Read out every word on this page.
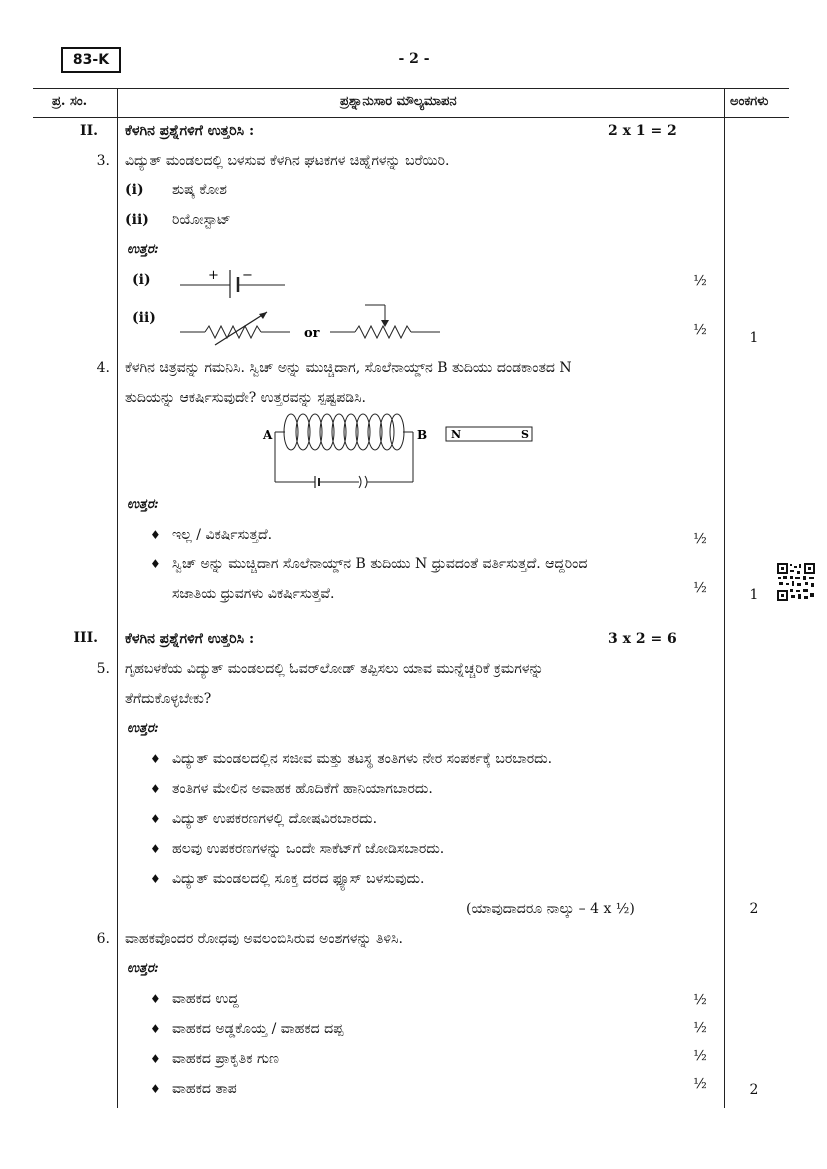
83-K	- 2 -
ಪ್ರ. ಸಂ.	ಪ್ರಶ್ನಾನುಸಾರ ಮೌಲ್ಯಮಾಪನ	ಅಂಕಗಳು
II. ಕೆಳಗಿನ ಪ್ರಶ್ನೆಗಳಿಗೆ ಉತ್ತರಿಸಿ :	2 x 1 = 2
3. ವಿದ್ಯುತ್ ಮಂಡಲದಲ್ಲಿ ಬಳಸುವ ಕೆಳಗಿನ ಘಟಕಗಳ ಚಿಹ್ನೆಗಳನ್ನು ಬರೆಯಿರಿ.
(i) ಶುಷ್ಕ ಕೋಶ
(ii) ರಿಯೋಸ್ಟಾಟ್
ಉತ್ತರ:
(i)	+ −	½
(ii)
or	½	1
4. ಕೆಳಗಿನ ಚಿತ್ರವನ್ನು ಗಮನಿಸಿ. ಸ್ವಿಚ್ ಅನ್ನು ಮುಚ್ಚಿದಾಗ, ಸೊಲೆನಾಯ್ಡ್‌ನ B ತುದಿಯು ದಂಡಕಾಂತದ N
ತುದಿಯನ್ನು ಆಕರ್ಷಿಸುವುದೇ? ಉತ್ತರವನ್ನು ಸ್ಪಷ್ಟಪಡಿಸಿ.
A	B N	S
ಉತ್ತರ:
♦ ಇಲ್ಲ / ವಿಕರ್ಷಿಸುತ್ತದೆ.	½
♦ ಸ್ವಿಚ್ ಅನ್ನು ಮುಚ್ಚಿದಾಗ ಸೊಲೆನಾಯ್ಡ್‌ನ B ತುದಿಯು N ಧ್ರುವದಂತೆ ವರ್ತಿಸುತ್ತದೆ. ಆದ್ದರಿಂದ
ಸಜಾತಿಯ ಧ್ರುವಗಳು ವಿಕರ್ಷಿಸುತ್ತವೆ.	½	1
III. ಕೆಳಗಿನ ಪ್ರಶ್ನೆಗಳಿಗೆ ಉತ್ತರಿಸಿ :	3 x 2 = 6
5. ಗೃಹಬಳಕೆಯ ವಿದ್ಯುತ್ ಮಂಡಲದಲ್ಲಿ ಓವರ್‌ಲೋಡ್ ತಪ್ಪಿಸಲು ಯಾವ ಮುನ್ನೆಚ್ಚರಿಕೆ ಕ್ರಮಗಳನ್ನು
ತೆಗೆದುಕೊಳ್ಳಬೇಕು?
ಉತ್ತರ:
♦ ವಿದ್ಯುತ್ ಮಂಡಲದಲ್ಲಿನ ಸಜೀವ ಮತ್ತು ತಟಸ್ಥ ತಂತಿಗಳು ನೇರ ಸಂಪರ್ಕಕ್ಕೆ ಬರಬಾರದು.
♦ ತಂತಿಗಳ ಮೇಲಿನ ಅವಾಹಕ ಹೊದಿಕೆಗೆ ಹಾನಿಯಾಗಬಾರದು.
♦ ವಿದ್ಯುತ್ ಉಪಕರಣಗಳಲ್ಲಿ ದೋಷವಿರಬಾರದು.
♦ ಹಲವು ಉಪಕರಣಗಳನ್ನು ಒಂದೇ ಸಾಕೆಟ್‌ಗೆ ಜೋಡಿಸಬಾರದು.
♦ ವಿದ್ಯುತ್ ಮಂಡಲದಲ್ಲಿ ಸೂಕ್ತ ದರದ ಫ್ಯೂಸ್ ಬಳಸುವುದು.
(ಯಾವುದಾದರೂ ನಾಲ್ಕು – 4 x ½)	2
6. ವಾಹಕವೊಂದರ ರೋಧವು ಅವಲಂಬಿಸಿರುವ ಅಂಶಗಳನ್ನು ತಿಳಿಸಿ.
ಉತ್ತರ:
♦ ವಾಹಕದ ಉದ್ದ	½
♦ ವಾಹಕದ ಅಡ್ಡಕೊಯ್ತ / ವಾಹಕದ ದಪ್ಪ	½
♦ ವಾಹಕದ ಪ್ರಾಕೃತಿಕ ಗುಣ	½
♦ ವಾಹಕದ ತಾಪ	½	2
